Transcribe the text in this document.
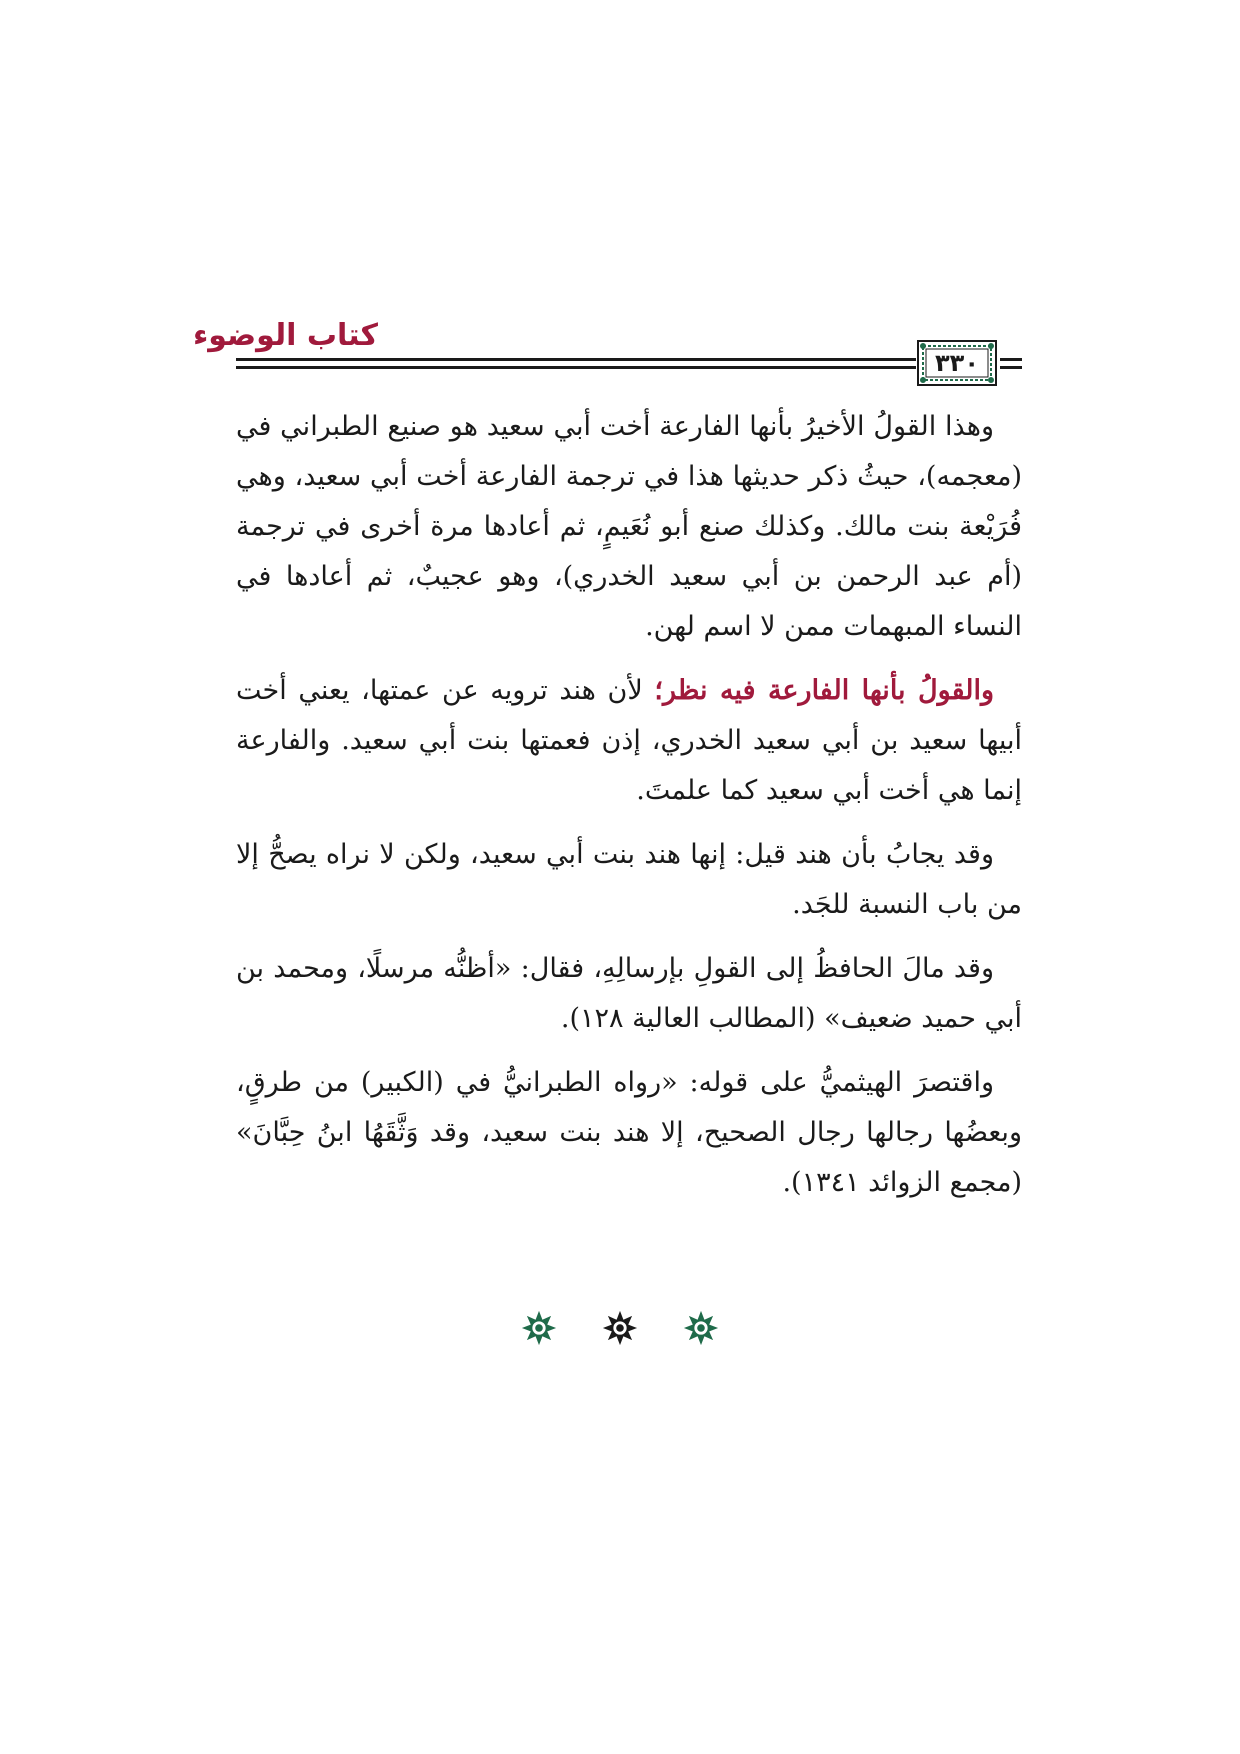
كتاب الوضوء
٣٣٠

وهذا القولُ الأخيرُ بأنها الفارعة أخت أبي سعيد هو صنيع الطبراني في (معجمه)، حيثُ ذكر حديثها هذا في ترجمة الفارعة أخت أبي سعيد، وهي فُرَيْعة بنت مالك. وكذلك صنع أبو نُعَيمٍ، ثم أعادها مرة أخرى في ترجمة (أم عبد الرحمن بن أبي سعيد الخدري)، وهو عجيبٌ، ثم أعادها في النساء المبهمات ممن لا اسم لهن.

والقولُ بأنها الفارعة فيه نظر؛ لأن هند ترويه عن عمتها، يعني أخت أبيها سعيد بن أبي سعيد الخدري، إذن فعمتها بنت أبي سعيد. والفارعة إنما هي أخت أبي سعيد كما علمتَ.

وقد يجابُ بأن هند قيل: إنها هند بنت أبي سعيد، ولكن لا نراه يصحُّ إلا من باب النسبة للجَد.

وقد مالَ الحافظُ إلى القولِ بإرسالِهِ، فقال: «أظنُّه مرسلًا، ومحمد بن أبي حميد ضعيف» (المطالب العالية ١٢٨).

واقتصرَ الهيثميُّ على قوله: «رواه الطبرانيُّ في (الكبير) من طرقٍ، وبعضُها رجالها رجال الصحيح، إلا هند بنت سعيد، وقد وَثَّقَهُا ابنُ حِبَّانَ» (مجمع الزوائد ١٣٤١).
